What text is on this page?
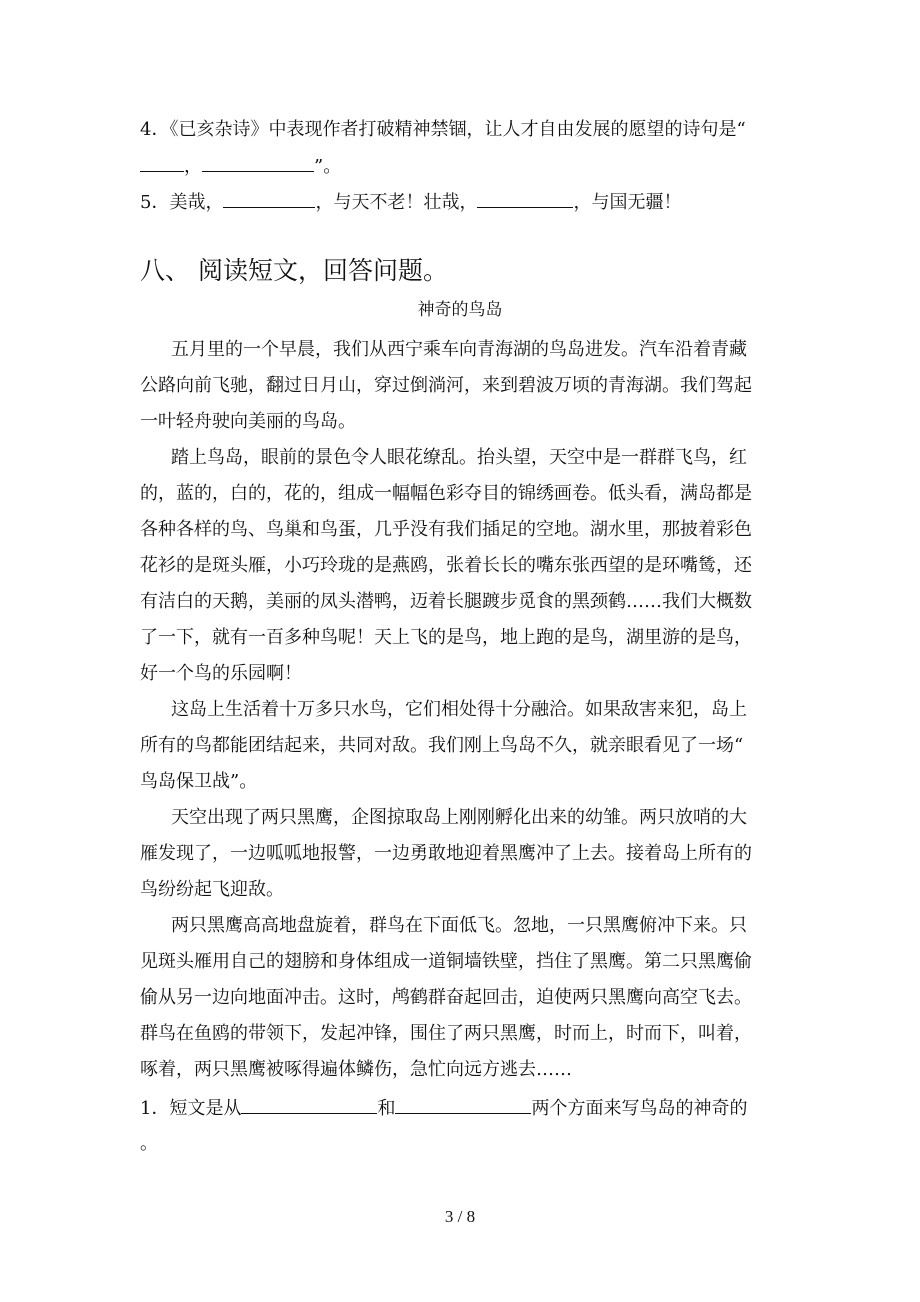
4．《已亥杂诗》中表现作者打破精神禁锢，让人才自由发展的愿望的诗句是“
，	”。
5．美哉，	，与天不老！壮哉，	，与国无疆！
八、 阅读短文，回答问题。
神奇的鸟岛
五月里的一个早晨，我们从西宁乘车向青海湖的鸟岛进发。汽车沿着青藏
公路向前飞驰，翻过日月山，穿过倒淌河，来到碧波万顷的青海湖。我们驾起
一叶轻舟驶向美丽的鸟岛。
踏上鸟岛，眼前的景色令人眼花缭乱。抬头望，天空中是一群群飞鸟，红
的，蓝的，白的，花的，组成一幅幅色彩夺目的锦绣画卷。低头看，满岛都是
各种各样的鸟、鸟巢和鸟蛋，几乎没有我们插足的空地。湖水里，那披着彩色
花衫的是斑头雁，小巧玲珑的是燕鸥，张着长长的嘴东张西望的是环嘴鸶，还
有洁白的天鹅，美丽的凤头潜鸭，迈着长腿踱步觅食的黑颈鹤……我们大概数
了一下，就有一百多种鸟呢！天上飞的是鸟，地上跑的是鸟，湖里游的是鸟，
好一个鸟的乐园啊！
这岛上生活着十万多只水鸟，它们相处得十分融洽。如果敌害来犯，岛上
所有的鸟都能团结起来，共同对敌。我们刚上鸟岛不久，就亲眼看见了一场“
鸟岛保卫战”。
天空出现了两只黑鹰，企图掠取岛上刚刚孵化出来的幼雏。两只放哨的大
雁发现了，一边呱呱地报警，一边勇敢地迎着黑鹰冲了上去。接着岛上所有的
鸟纷纷起飞迎敌。
两只黑鹰高高地盘旋着，群鸟在下面低飞。忽地，一只黑鹰俯冲下来。只
见斑头雁用自己的翅膀和身体组成一道铜墙铁壁，挡住了黑鹰。第二只黑鹰偷
偷从另一边向地面冲击。这时，鸬鹤群奋起回击，迫使两只黑鹰向高空飞去。
群鸟在鱼鸥的带领下，发起冲锋，围住了两只黑鹰，时而上，时而下，叫着，
啄着，两只黑鹰被啄得遍体鳞伤，急忙向远方逃去……
1．短文是从	和	两个方面来写鸟岛的神奇的
。
3 / 8
